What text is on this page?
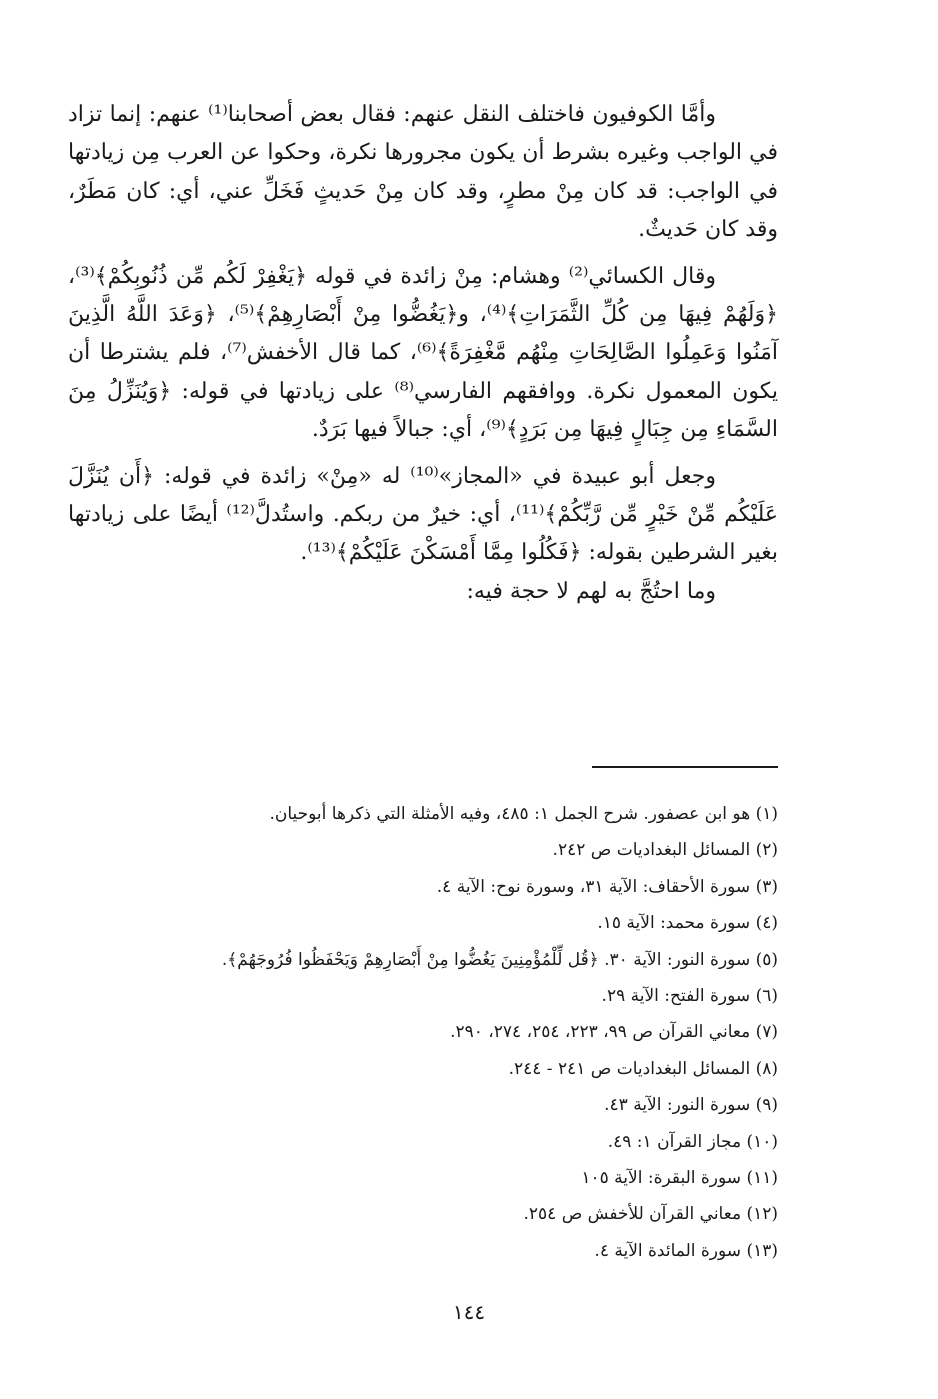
وأمَّا الكوفيون فاختلف النقل عنهم: فقال بعض أصحابنا⁽¹⁾ عنهم: إنما تزاد في الواجب وغيره بشرط أن يكون مجرورها نكرة، وحكوا عن العرب مِن زيادتها في الواجب: قد كان مِنْ مطرٍ، وقد كان مِنْ حَديثٍ فَخَلِّ عني، أي: كان مَطَرٌ، وقد كان حَديثٌ.

وقال الكسائي⁽²⁾ وهشام: مِنْ زائدة في قوله ﴿يَغْفِرْ لَكُم مِّن ذُنُوبِكُمْ﴾⁽³⁾، ﴿وَلَهُمْ فِيهَا مِن كُلِّ الثَّمَرَاتِ﴾⁽⁴⁾، و﴿يَغُضُّوا مِنْ أَبْصَارِهِمْ﴾⁽⁵⁾، ﴿وَعَدَ اللَّهُ الَّذِينَ آمَنُوا وَعَمِلُوا الصَّالِحَاتِ مِنْهُم مَّغْفِرَةً﴾⁽⁶⁾، كما قال الأخفش⁽⁷⁾، فلم يشترطا أن يكون المعمول نكرة. ووافقهم الفارسي⁽⁸⁾ على زيادتها في قوله: ﴿وَيُنَزِّلُ مِنَ السَّمَاءِ مِن جِبَالٍ فِيهَا مِن بَرَدٍ﴾⁽⁹⁾، أي: جبالاً فيها بَرَدٌ.

وجعل أبو عبيدة في «المجاز»⁽¹⁰⁾ له «مِنْ» زائدة في قوله: ﴿أَن يُنَزَّلَ عَلَيْكُم مِّنْ خَيْرٍ مِّن رَّبِّكُمْ﴾⁽¹¹⁾، أي: خيرٌ من ربكم. واستُدلَّ⁽¹²⁾ أيضًا على زيادتها بغير الشرطين بقوله: ﴿فَكُلُوا مِمَّا أَمْسَكْنَ عَلَيْكُمْ﴾⁽¹³⁾.

وما احتُجَّ به لهم لا حجة فيه:

(١) هو ابن عصفور. شرح الجمل ١: ٤٨٥، وفيه الأمثلة التي ذكرها أبوحيان.
(٢) المسائل البغداديات ص ٢٤٢.
(٣) سورة الأحقاف: الآية ٣١، وسورة نوح: الآية ٤.
(٤) سورة محمد: الآية ١٥.
(٥) سورة النور: الآية ٣٠. ﴿قُل لِّلْمُؤْمِنِينَ يَغُضُّوا مِنْ أَبْصَارِهِمْ وَيَحْفَظُوا فُرُوجَهُمْ﴾.
(٦) سورة الفتح: الآية ٢٩.
(٧) معاني القرآن ص ٩٩، ٢٢٣، ٢٥٤، ٢٧٤، ٢٩٠.
(٨) المسائل البغداديات ص ٢٤١ - ٢٤٤.
(٩) سورة النور: الآية ٤٣.
(١٠) مجاز القرآن ١: ٤٩.
(١١) سورة البقرة: الآية ١٠٥
(١٢) معاني القرآن للأخفش ص ٢٥٤.
(١٣) سورة المائدة الآية ٤.
١٤٤
